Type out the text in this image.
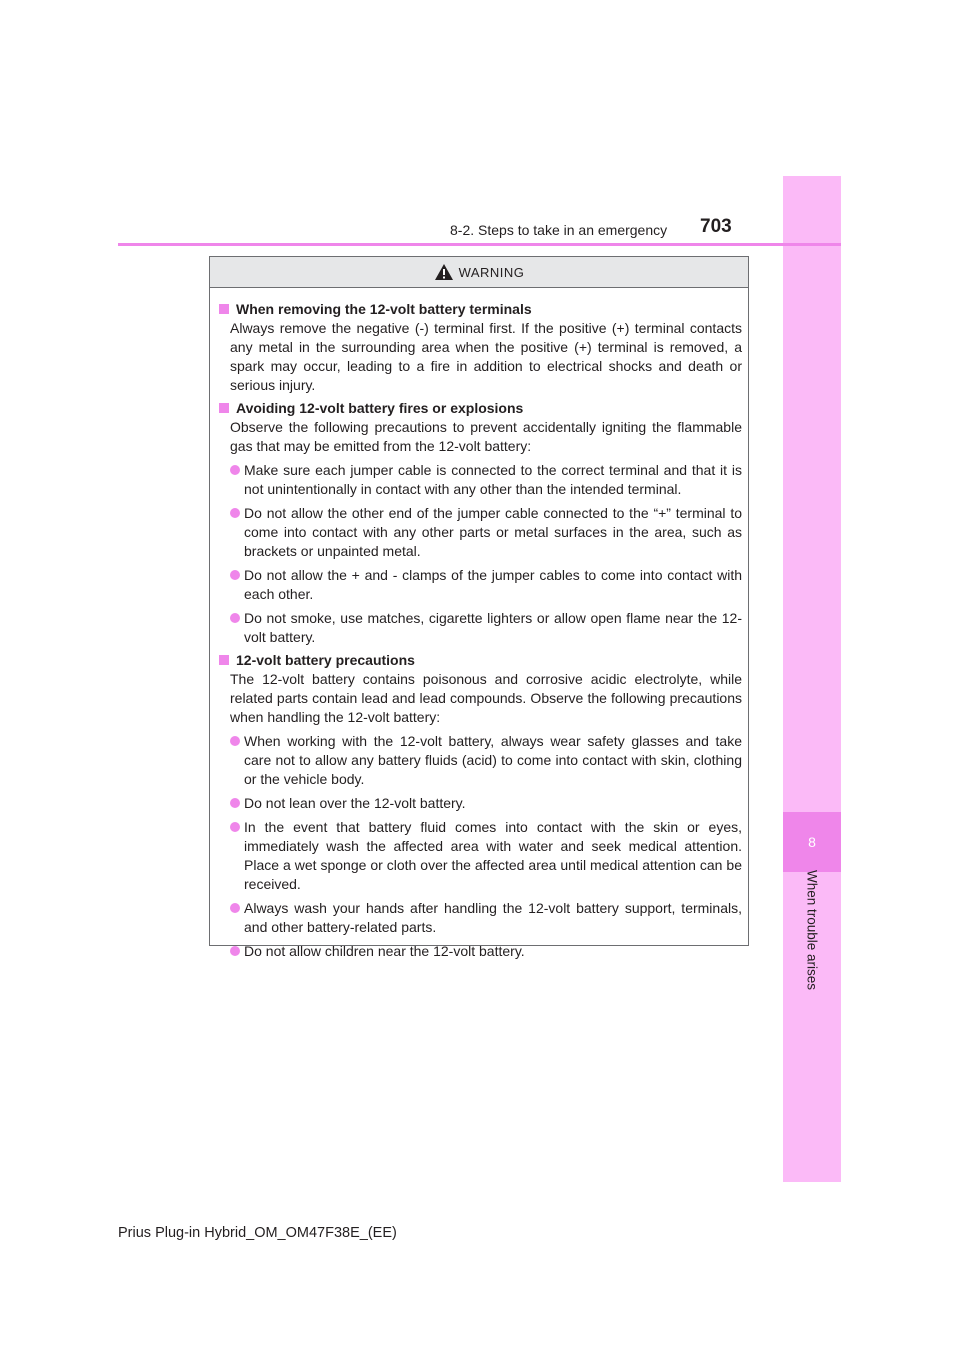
8
When trouble arises
8-2. Steps to take in an emergency 703
WARNING
When removing the 12-volt battery terminals
Always remove the negative (-) terminal first. If the positive (+) terminal contacts any metal in the surrounding area when the positive (+) terminal is removed, a spark may occur, leading to a fire in addition to electrical shocks and death or serious injury.
Avoiding 12-volt battery fires or explosions
Observe the following precautions to prevent accidentally igniting the flammable gas that may be emitted from the 12-volt battery:
Make sure each jumper cable is connected to the correct terminal and that it is not unintentionally in contact with any other than the intended terminal.
Do not allow the other end of the jumper cable connected to the “+” terminal to come into contact with any other parts or metal surfaces in the area, such as brackets or unpainted metal.
Do not allow the + and - clamps of the jumper cables to come into contact with each other.
Do not smoke, use matches, cigarette lighters or allow open flame near the 12-volt battery.
12-volt battery precautions
The 12-volt battery contains poisonous and corrosive acidic electrolyte, while related parts contain lead and lead compounds. Observe the following precautions when handling the 12-volt battery:
When working with the 12-volt battery, always wear safety glasses and take care not to allow any battery fluids (acid) to come into contact with skin, clothing or the vehicle body.
Do not lean over the 12-volt battery.
In the event that battery fluid comes into contact with the skin or eyes, immediately wash the affected area with water and seek medical attention. Place a wet sponge or cloth over the affected area until medical attention can be received.
Always wash your hands after handling the 12-volt battery support, terminals, and other battery-related parts.
Do not allow children near the 12-volt battery.
Prius Plug-in Hybrid_OM_OM47F38E_(EE)
